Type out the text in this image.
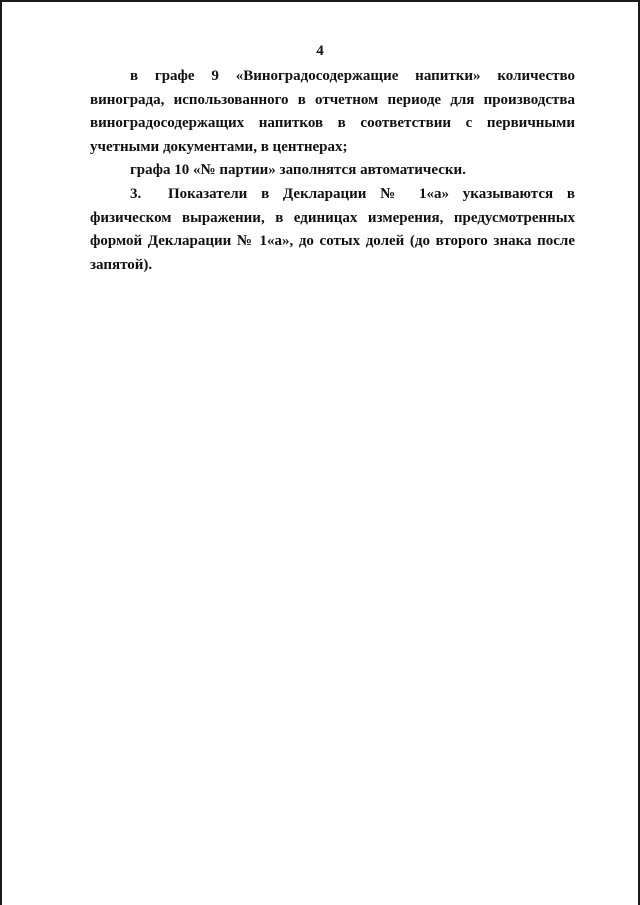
4

в графе 9 «Виноградосодержащие напитки» количество винограда, использованного в отчетном периоде для производства виноградосодержащих напитков в соответствии с первичными учетными документами, в центнерах;

графа 10 «№ партии» заполнятся автоматически.

3. Показатели в Декларации № 1«а» указываются в физическом выражении, в единицах измерения, предусмотренных формой Декларации № 1«а», до сотых долей (до второго знака после запятой).
